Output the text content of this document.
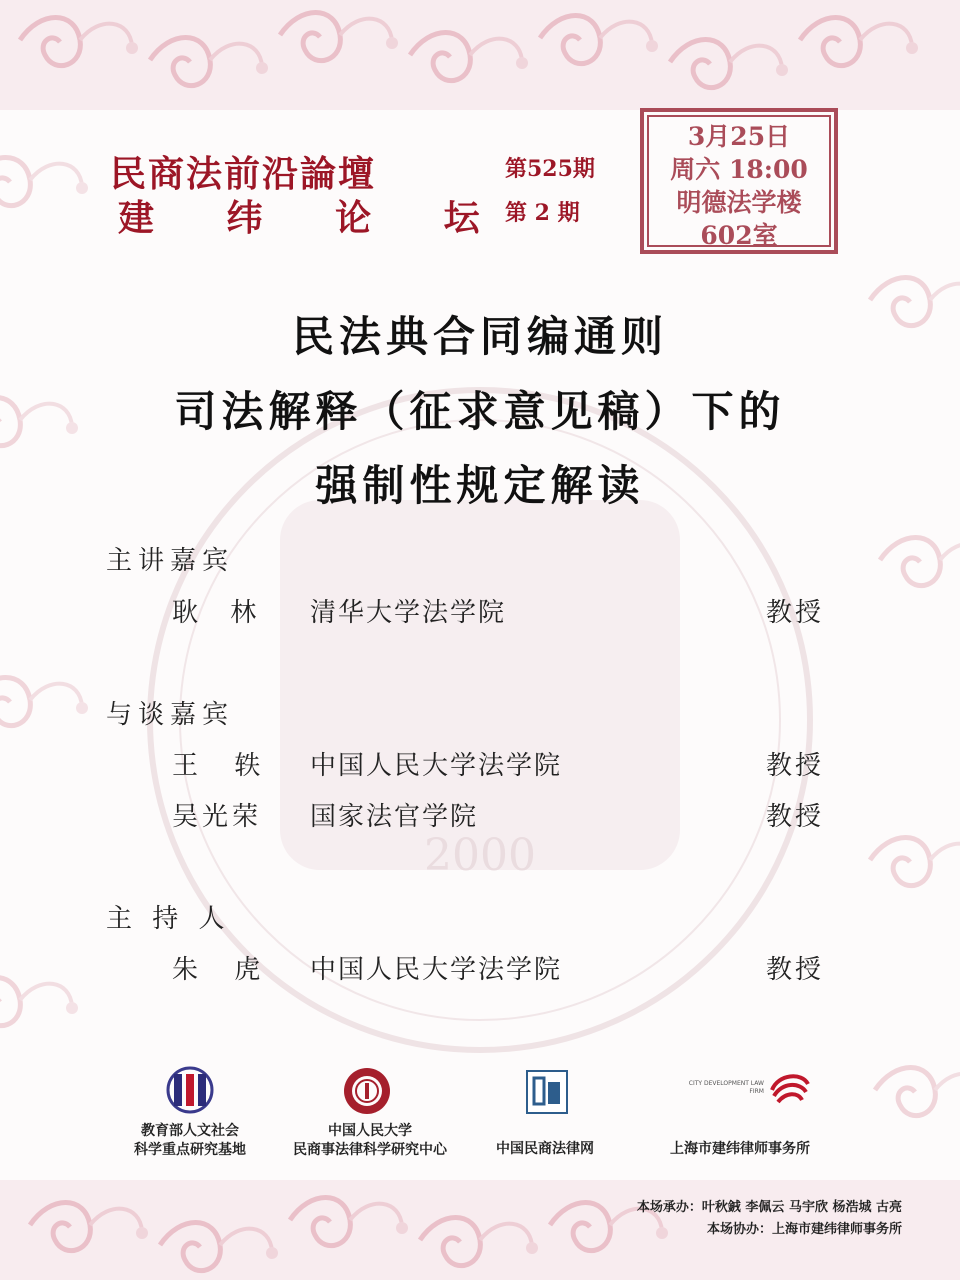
2000
民商法前沿論壇	第525期
建 纬 论 坛
第 2 期
3月25日
周六 18:00
明德法学楼
602室
民法典合同编通则
司法解释（征求意见稿）下的
强制性规定解读
主讲嘉宾
耿 林 清华大学法学院	教授
与谈嘉宾
王 轶 中国人民大学法学院	教授
吴光荣 国家法官学院	教授
主 持 人
朱 虎 中国人民大学法学院	教授
教育部人文社会
科学重点研究基地
中国人民大学
民商事法律科学研究中心	中国民商法律网
CITY DEVELOPMENT LAW FIRM
上海市建纬律师事务所
本场承办：叶秋銊 李佩云 马宇欣 杨浩城 古亮
本场协办：上海市建纬律师事务所
